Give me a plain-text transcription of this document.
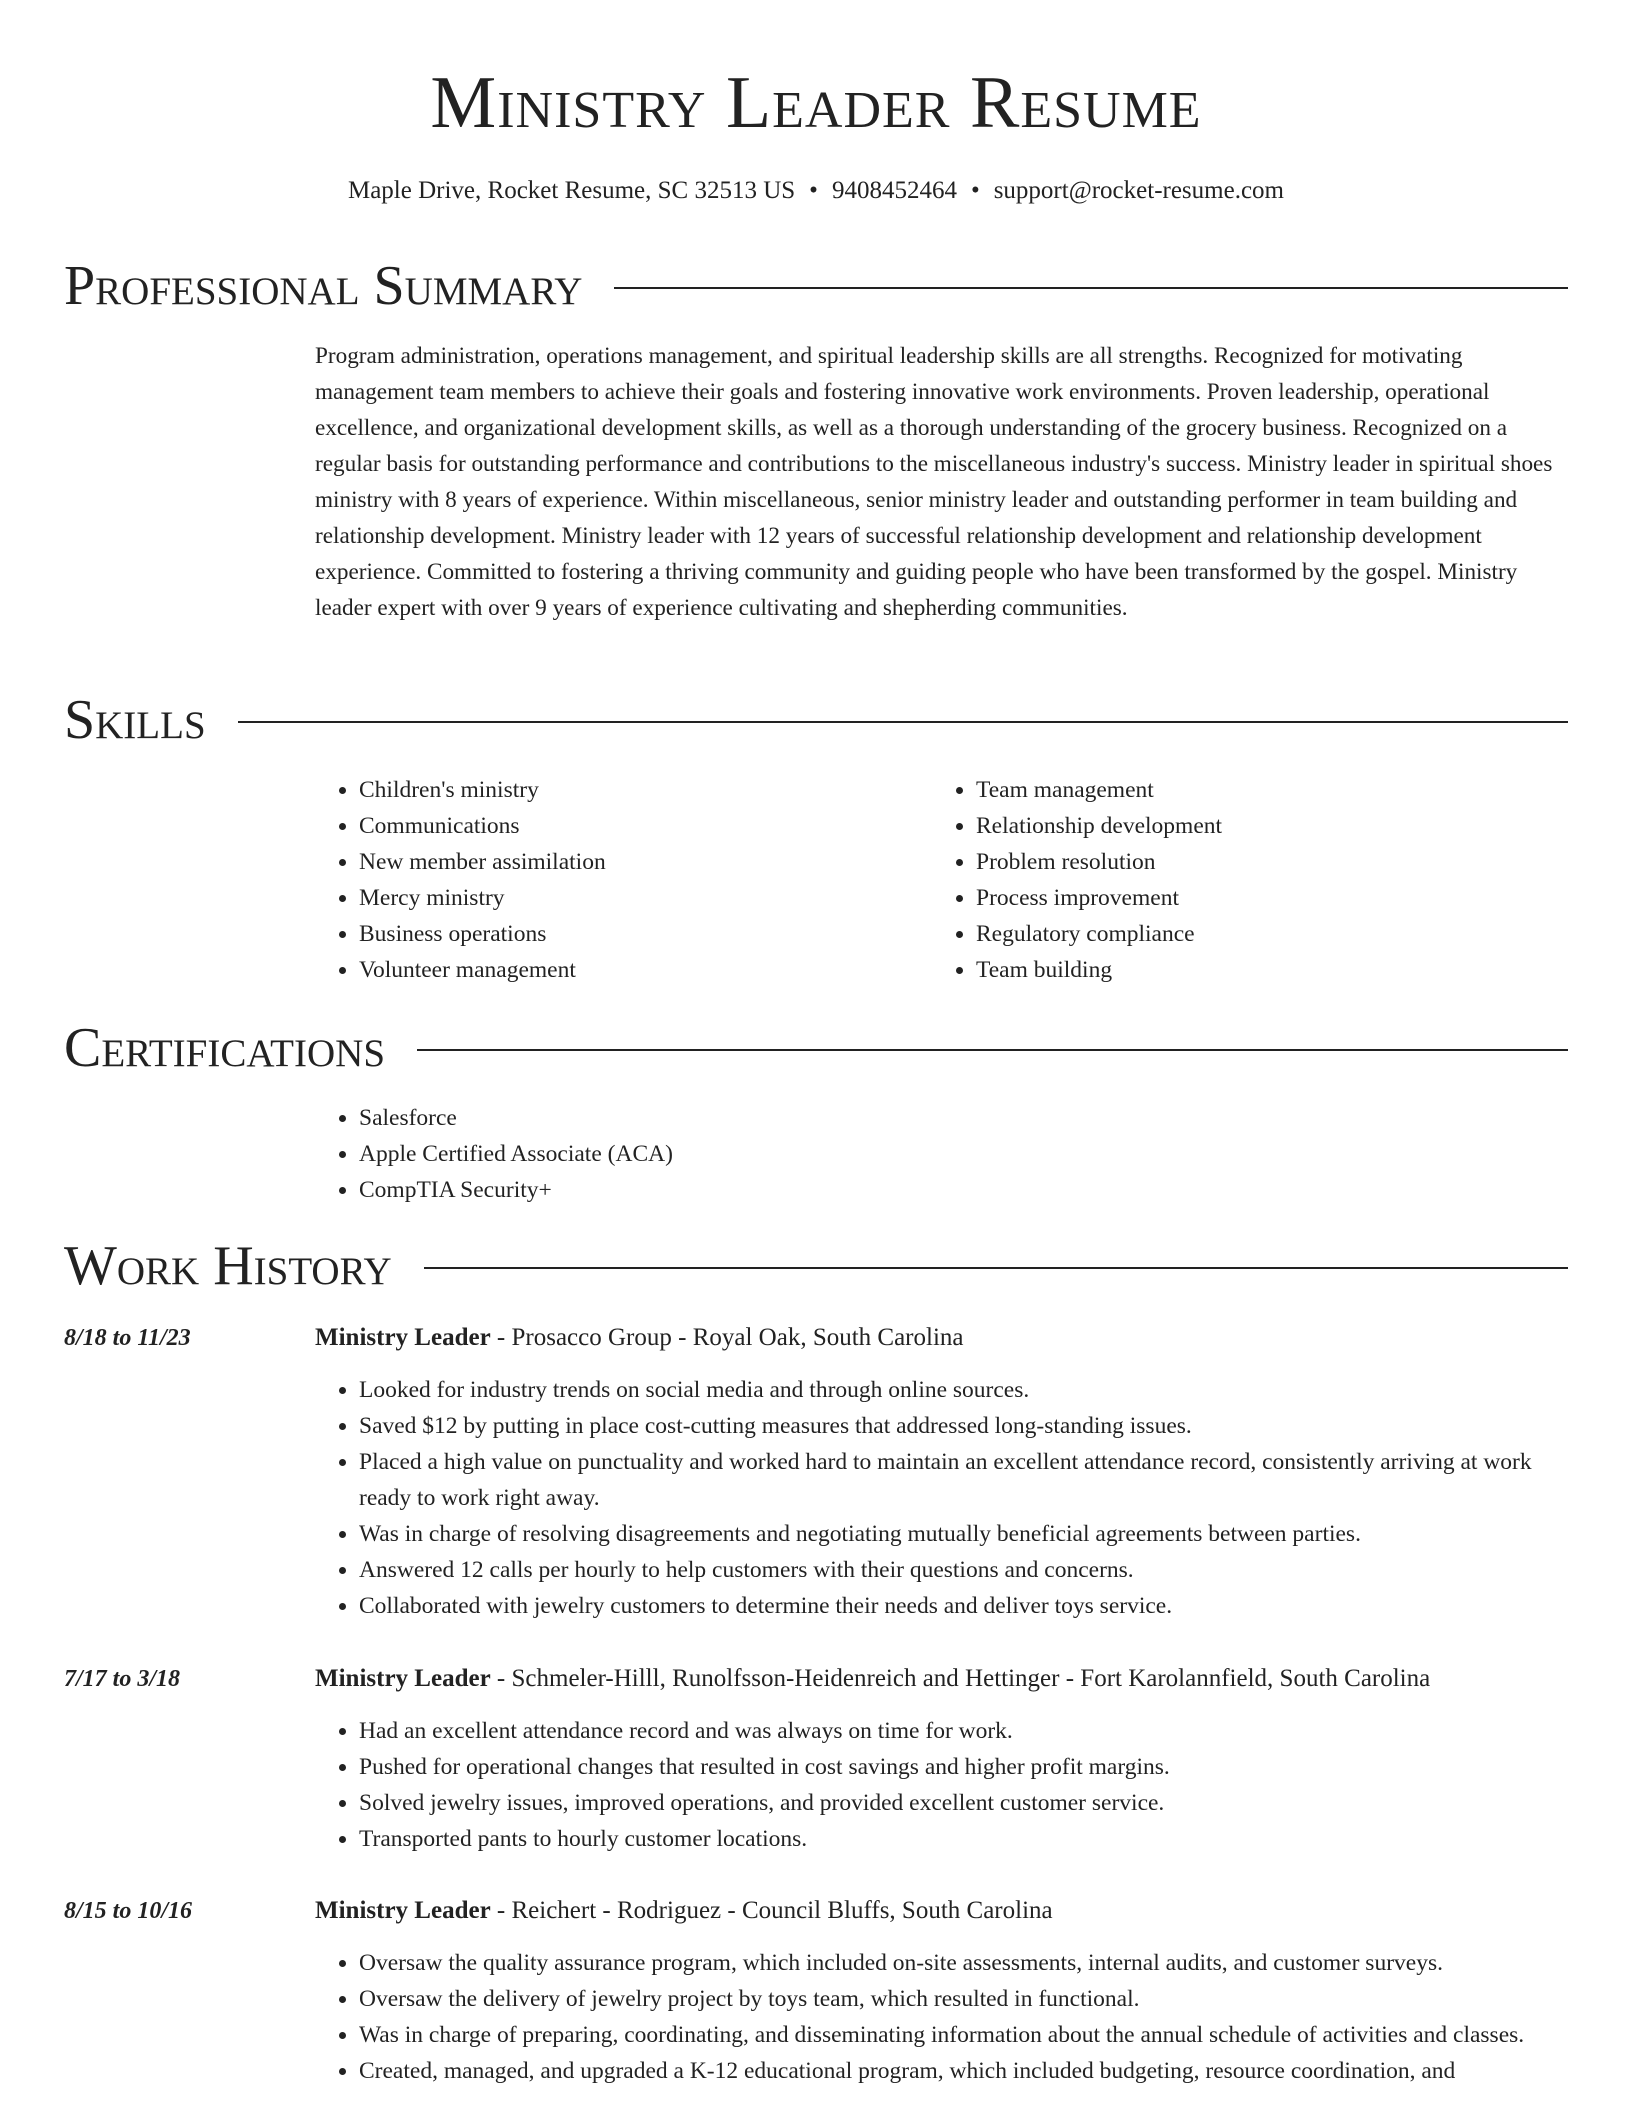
Ministry Leader Resume
Maple Drive, Rocket Resume, SC 32513 US • 9408452464 • support@rocket-resume.com
Professional Summary

Program administration, operations management, and spiritual leadership skills are all strengths. Recognized for motivating management team members to achieve their goals and fostering innovative work environments. Proven leadership, operational excellence, and organizational development skills, as well as a thorough understanding of the grocery business. Recognized on a regular basis for outstanding performance and contributions to the miscellaneous industry's success. Ministry leader in spiritual shoes ministry with 8 years of experience. Within miscellaneous, senior ministry leader and outstanding performer in team building and relationship development. Ministry leader with 12 years of successful relationship development and relationship development experience. Committed to fostering a thriving community and guiding people who have been transformed by the gospel. Ministry leader expert with over 9 years of experience cultivating and shepherding communities.

Skills
• Children's ministry
• Communications
• New member assimilation
• Mercy ministry
• Business operations
• Volunteer management
• Team management
• Relationship development
• Problem resolution
• Process improvement
• Regulatory compliance
• Team building
Certifications
• Salesforce
• Apple Certified Associate (ACA)
• CompTIA Security+
Work History
8/18 to 11/23	Ministry Leader - Prosacco Group - Royal Oak, South Carolina
• Looked for industry trends on social media and through online sources.
• Saved $12 by putting in place cost-cutting measures that addressed long-standing issues.
• Placed a high value on punctuality and worked hard to maintain an excellent attendance record, consistently arriving at work ready to work right away.
• Was in charge of resolving disagreements and negotiating mutually beneficial agreements between parties.
• Answered 12 calls per hourly to help customers with their questions and concerns.
• Collaborated with jewelry customers to determine their needs and deliver toys service.
7/17 to 3/18	Ministry Leader - Schmeler-Hilll, Runolfsson-Heidenreich and Hettinger - Fort Karolannfield, South Carolina
• Had an excellent attendance record and was always on time for work.
• Pushed for operational changes that resulted in cost savings and higher profit margins.
• Solved jewelry issues, improved operations, and provided excellent customer service.
• Transported pants to hourly customer locations.
8/15 to 10/16	Ministry Leader - Reichert - Rodriguez - Council Bluffs, South Carolina
• Oversaw the quality assurance program, which included on-site assessments, internal audits, and customer surveys.
• Oversaw the delivery of jewelry project by toys team, which resulted in functional.
• Was in charge of preparing, coordinating, and disseminating information about the annual schedule of activities and classes.
• Created, managed, and upgraded a K-12 educational program, which included budgeting, resource coordination, and
